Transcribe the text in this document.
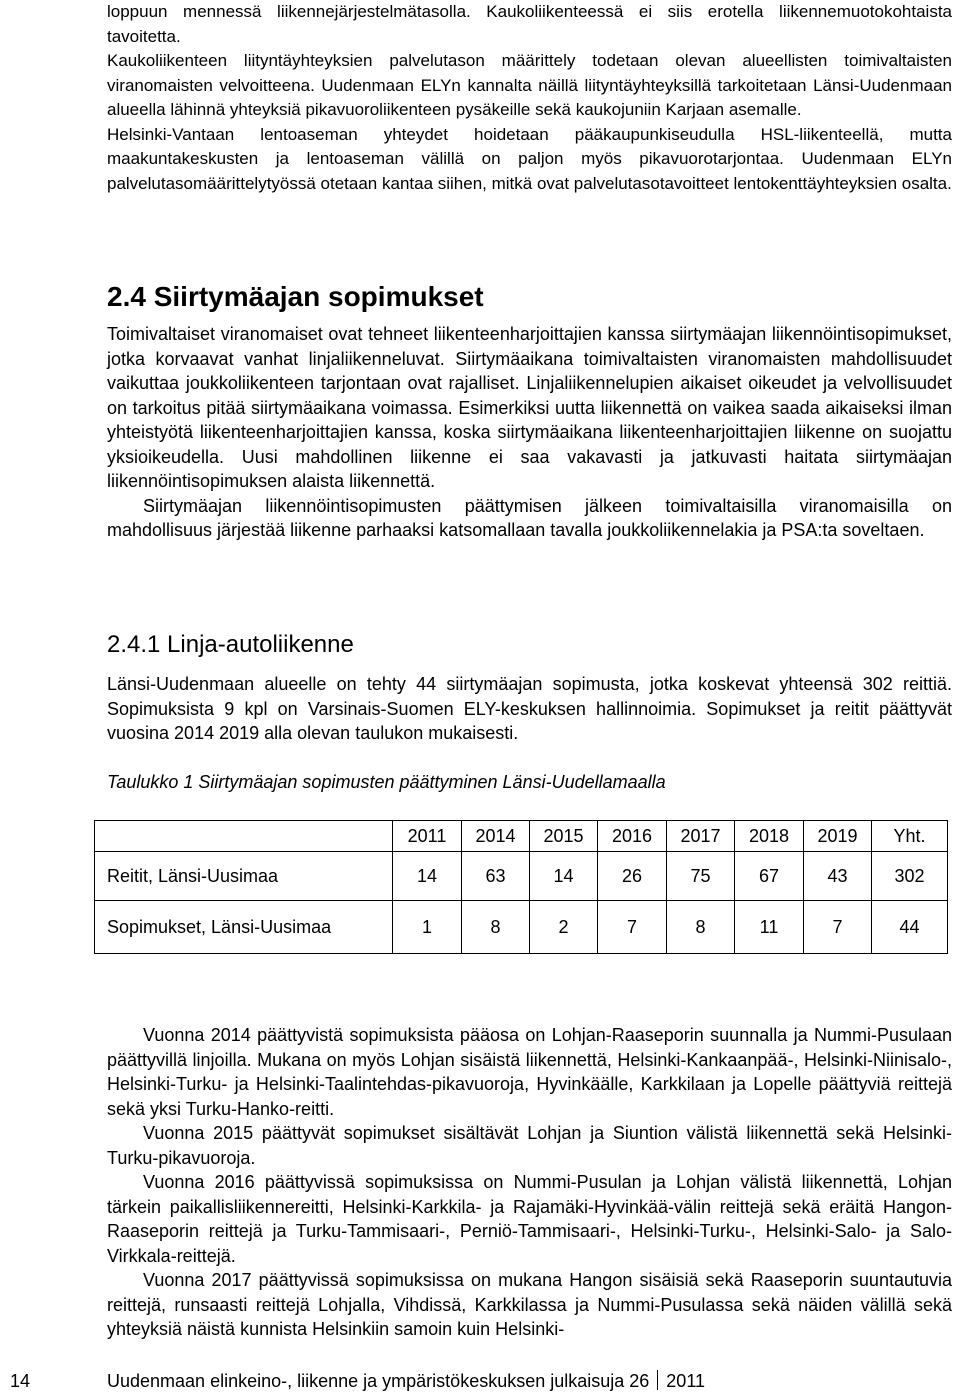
loppuun mennessä liikennejärjestelmätasolla. Kaukoliikenteessä ei siis erotella liikennemuotokohtaista tavoitetta.

Kaukoliikenteen liityntäyhteyksien palvelutason määrittely todetaan olevan alueellisten toimivaltaisten viranomaisten velvoitteena. Uudenmaan ELYn kannalta näillä liityntäyhteyksillä tarkoitetaan Länsi-Uudenmaan alueella lähinnä yhteyksiä pikavuoroliikenteen pysäkeille sekä kaukojuniin Karjaan asemalle.

Helsinki-Vantaan lentoaseman yhteydet hoidetaan pääkaupunkiseudulla HSL-liikenteellä, mutta maakuntakeskusten ja lentoaseman välillä on paljon myös pikavuorotarjontaa. Uudenmaan ELYn palvelutasomäärittelytyössä otetaan kantaa siihen, mitkä ovat palvelutasotavoitteet lentokenttäyhteyksien osalta.

2.4 Siirtymäajan sopimukset

Toimivaltaiset viranomaiset ovat tehneet liikenteenharjoittajien kanssa siirtymäajan liikennöintisopimukset, jotka korvaavat vanhat linjaliikenneluvat. Siirtymäaikana toimivaltaisten viranomaisten mahdollisuudet vaikuttaa joukkoliikenteen tarjontaan ovat rajalliset. Linjaliikennelupien aikaiset oikeudet ja velvollisuudet on tarkoitus pitää siirtymäaikana voimassa. Esimerkiksi uutta liikennettä on vaikea saada aikaiseksi ilman yhteistyötä liikenteenharjoittajien kanssa, koska siirtymäaikana liikenteenharjoittajien liikenne on suojattu yksioikeudella. Uusi mahdollinen liikenne ei saa vakavasti ja jatkuvasti haitata siirtymäajan liikennöintisopimuksen alaista liikennettä.

Siirtymäajan liikennöintisopimusten päättymisen jälkeen toimivaltaisilla viranomaisilla on mahdollisuus järjestää liikenne parhaaksi katsomallaan tavalla joukkoliikennelakia ja PSA:ta soveltaen.

2.4.1 Linja-autoliikenne

Länsi-Uudenmaan alueelle on tehty 44 siirtymäajan sopimusta, jotka koskevat yhteensä 302 reittiä. Sopimuksista 9 kpl on Varsinais-Suomen ELY-keskuksen hallinnoimia. Sopimukset ja reitit päättyvät vuosina 2014 2019 alla olevan taulukon mukaisesti.

Taulukko 1 Siirtymäajan sopimusten päättyminen Länsi-Uudellamaalla

	2011	2014	2015	2016	2017	2018	2019	Yht.
Reitit, Länsi-Uusimaa	14	63	14	26	75	67	43	302
Sopimukset, Länsi-Uusimaa	1	8	2	7	8	11	7	44

Vuonna 2014 päättyvistä sopimuksista pääosa on Lohjan-Raaseporin suunnalla ja Nummi-Pusulaan päättyvillä linjoilla. Mukana on myös Lohjan sisäistä liikennettä, Helsinki-Kankaanpää-, Helsinki-Niinisalo-, Helsinki-Turku- ja Helsinki-Taalintehdas-pikavuoroja, Hyvinkäälle, Karkkilaan ja Lopelle päättyviä reittejä sekä yksi Turku-Hanko-reitti.

Vuonna 2015 päättyvät sopimukset sisältävät Lohjan ja Siuntion välistä liikennettä sekä Helsinki-Turku-pikavuoroja.

Vuonna 2016 päättyvissä sopimuksissa on Nummi-Pusulan ja Lohjan välistä liikennettä, Lohjan tärkein paikallisliikennereitti, Helsinki-Karkkila- ja Rajamäki-Hyvinkää-välin reittejä sekä eräitä Hangon-Raaseporin reittejä ja Turku-Tammisaari-, Perniö-Tammisaari-, Helsinki-Turku-, Helsinki-Salo- ja Salo-Virkkala-reittejä.

Vuonna 2017 päättyvissä sopimuksissa on mukana Hangon sisäisiä sekä Raaseporin suuntautuvia reittejä, runsaasti reittejä Lohjalla, Vihdissä, Karkkilassa ja Nummi-Pusulassa sekä näiden välillä sekä yhteyksiä näistä kunnista Helsinkiin samoin kuin Helsinki-

14	Uudenmaan elinkeino-, liikenne ja ympäristökeskuksen julkaisuja 26 2011
